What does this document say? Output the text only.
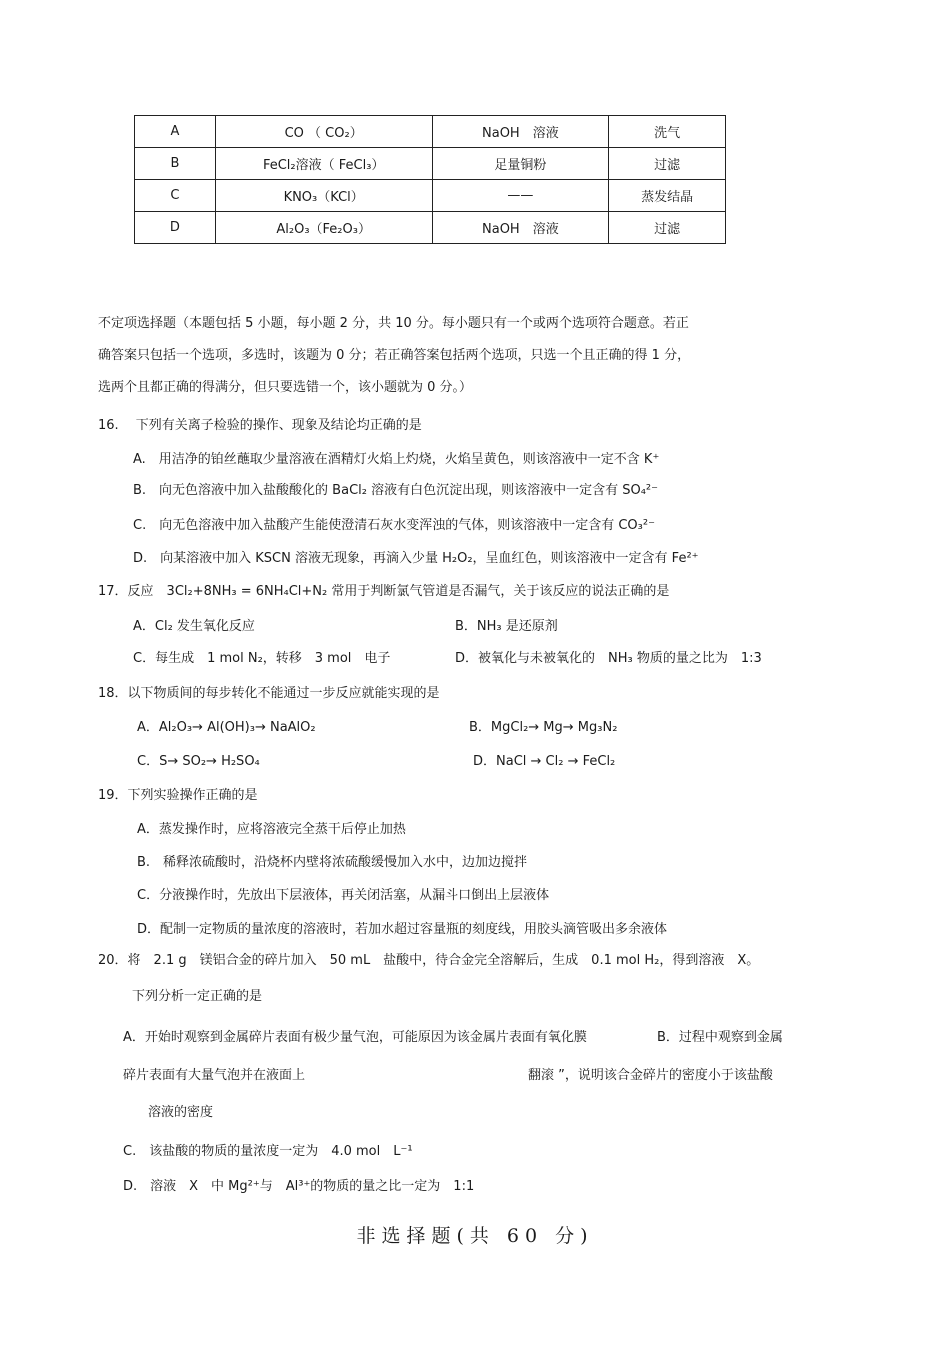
A	CO （ CO₂）	NaOH　溶液	洗气
B	FeCl₂溶液（ FeCl₃）	足量铜粉	过滤
C	KNO₃（KCl）	——	蒸发结晶
D	Al₂O₃（Fe₂O₃）	NaOH　溶液	过滤
不定项选择题（本题包括 5 小题，每小题 2 分，共 10 分。每小题只有一个或两个选项符合题意。若正
确答案只包括一个选项，多选时，该题为 0 分；若正确答案包括两个选项，只选一个且正确的得 1 分，
选两个且都正确的得满分，但只要选错一个，该小题就为 0 分。）
16.　 下列有关离子检验的操作、现象及结论均正确的是
A.　用洁净的铂丝蘸取少量溶液在酒精灯火焰上灼烧，火焰呈黄色，则该溶液中一定不含 K⁺
B.　向无色溶液中加入盐酸酸化的 BaCl₂ 溶液有白色沉淀出现，则该溶液中一定含有 SO₄²⁻
C.　向无色溶液中加入盐酸产生能使澄清石灰水变浑浊的气体，则该溶液中一定含有 CO₃²⁻
D.　向某溶液中加入 KSCN 溶液无现象，再滴入少量 H₂O₂，呈血红色，则该溶液中一定含有 Fe²⁺
17．反应　3Cl₂+8NH₃ = 6NH₄Cl+N₂ 常用于判断氯气管道是否漏气，关于该反应的说法正确的是
A．Cl₂ 发生氧化反应	B．NH₃ 是还原剂
C．每生成　1 mol N₂，转移　3 mol　电子	D．被氧化与未被氧化的　NH₃ 物质的量之比为　1:3
18．以下物质间的每步转化不能通过一步反应就能实现的是
A．Al₂O₃→ Al(OH)₃→ NaAlO₂	B．MgCl₂→ Mg→ Mg₃N₂
C．S→ SO₂→ H₂SO₄	D．NaCl → Cl₂ → FeCl₂
19．下列实验操作正确的是
A．蒸发操作时，应将溶液完全蒸干后停止加热
B.　稀释浓硫酸时，沿烧杯内壁将浓硫酸缓慢加入水中，边加边搅拌
C．分液操作时，先放出下层液体，再关闭活塞，从漏斗口倒出上层液体
D．配制一定物质的量浓度的溶液时，若加水超过容量瓶的刻度线，用胶头滴管吸出多余液体
20．将　2.1 g　镁铝合金的碎片加入　50 mL　盐酸中，待合金完全溶解后，生成　0.1 mol H₂，得到溶液　X。
下列分析一定正确的是
A．开始时观察到金属碎片表面有极少量气泡，可能原因为该金属片表面有氧化膜	B．过程中观察到金属
碎片表面有大量气泡并在液面上	翻滚 ”，说明该合金碎片的密度小于该盐酸
溶液的密度
C.　该盐酸的物质的量浓度一定为　4.0 mol　L⁻¹
D.　溶液　X　中 Mg²⁺与　Al³⁺的物质的量之比一定为　1:1
非选择题(共 60 分)
